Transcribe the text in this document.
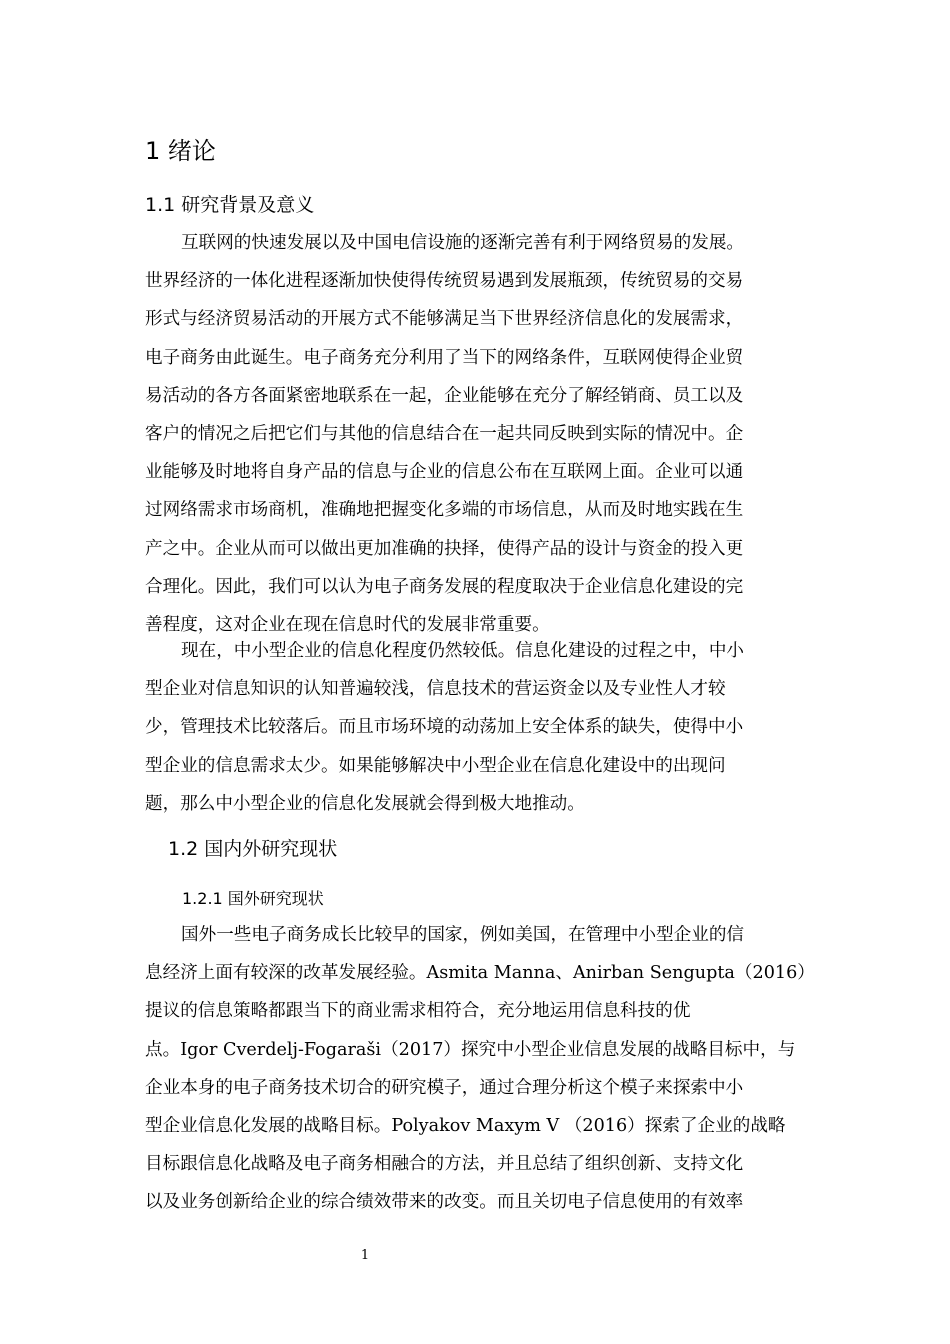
1 绪论
1.1 研究背景及意义
互联网的快速发展以及中国电信设施的逐渐完善有利于网络贸易的发展。
世界经济的一体化进程逐渐加快使得传统贸易遇到发展瓶颈，传统贸易的交易
形式与经济贸易活动的开展方式不能够满足当下世界经济信息化的发展需求，
电子商务由此诞生。电子商务充分利用了当下的网络条件，互联网使得企业贸
易活动的各方各面紧密地联系在一起，企业能够在充分了解经销商、员工以及
客户的情况之后把它们与其他的信息结合在一起共同反映到实际的情况中。企
业能够及时地将自身产品的信息与企业的信息公布在互联网上面。企业可以通
过网络需求市场商机，准确地把握变化多端的市场信息，从而及时地实践在生
产之中。企业从而可以做出更加准确的抉择，使得产品的设计与资金的投入更
合理化。因此，我们可以认为电子商务发展的程度取决于企业信息化建设的完
善程度，这对企业在现在信息时代的发展非常重要。
现在，中小型企业的信息化程度仍然较低。信息化建设的过程之中，中小
型企业对信息知识的认知普遍较浅，信息技术的营运资金以及专业性人才较
少，管理技术比较落后。而且市场环境的动荡加上安全体系的缺失，使得中小
型企业的信息需求太少。如果能够解决中小型企业在信息化建设中的出现问
题，那么中小型企业的信息化发展就会得到极大地推动。
1.2 国内外研究现状
1.2.1 国外研究现状
国外一些电子商务成长比较早的国家，例如美国，在管理中小型企业的信
息经济上面有较深的改革发展经验。Asmita Manna、Anirban Sengupta（2016）
提议的信息策略都跟当下的商业需求相符合，充分地运用信息科技的优
点。Igor Cverdelj-Fogaraši（2017）探究中小型企业信息发展的战略目标中，与
企业本身的电子商务技术切合的研究模子，通过合理分析这个模子来探索中小
型企业信息化发展的战略目标。Polyakov Maxym V （2016）探索了企业的战略
目标跟信息化战略及电子商务相融合的方法，并且总结了组织创新、支持文化
以及业务创新给企业的综合绩效带来的改变。而且关切电子信息使用的有效率
1
